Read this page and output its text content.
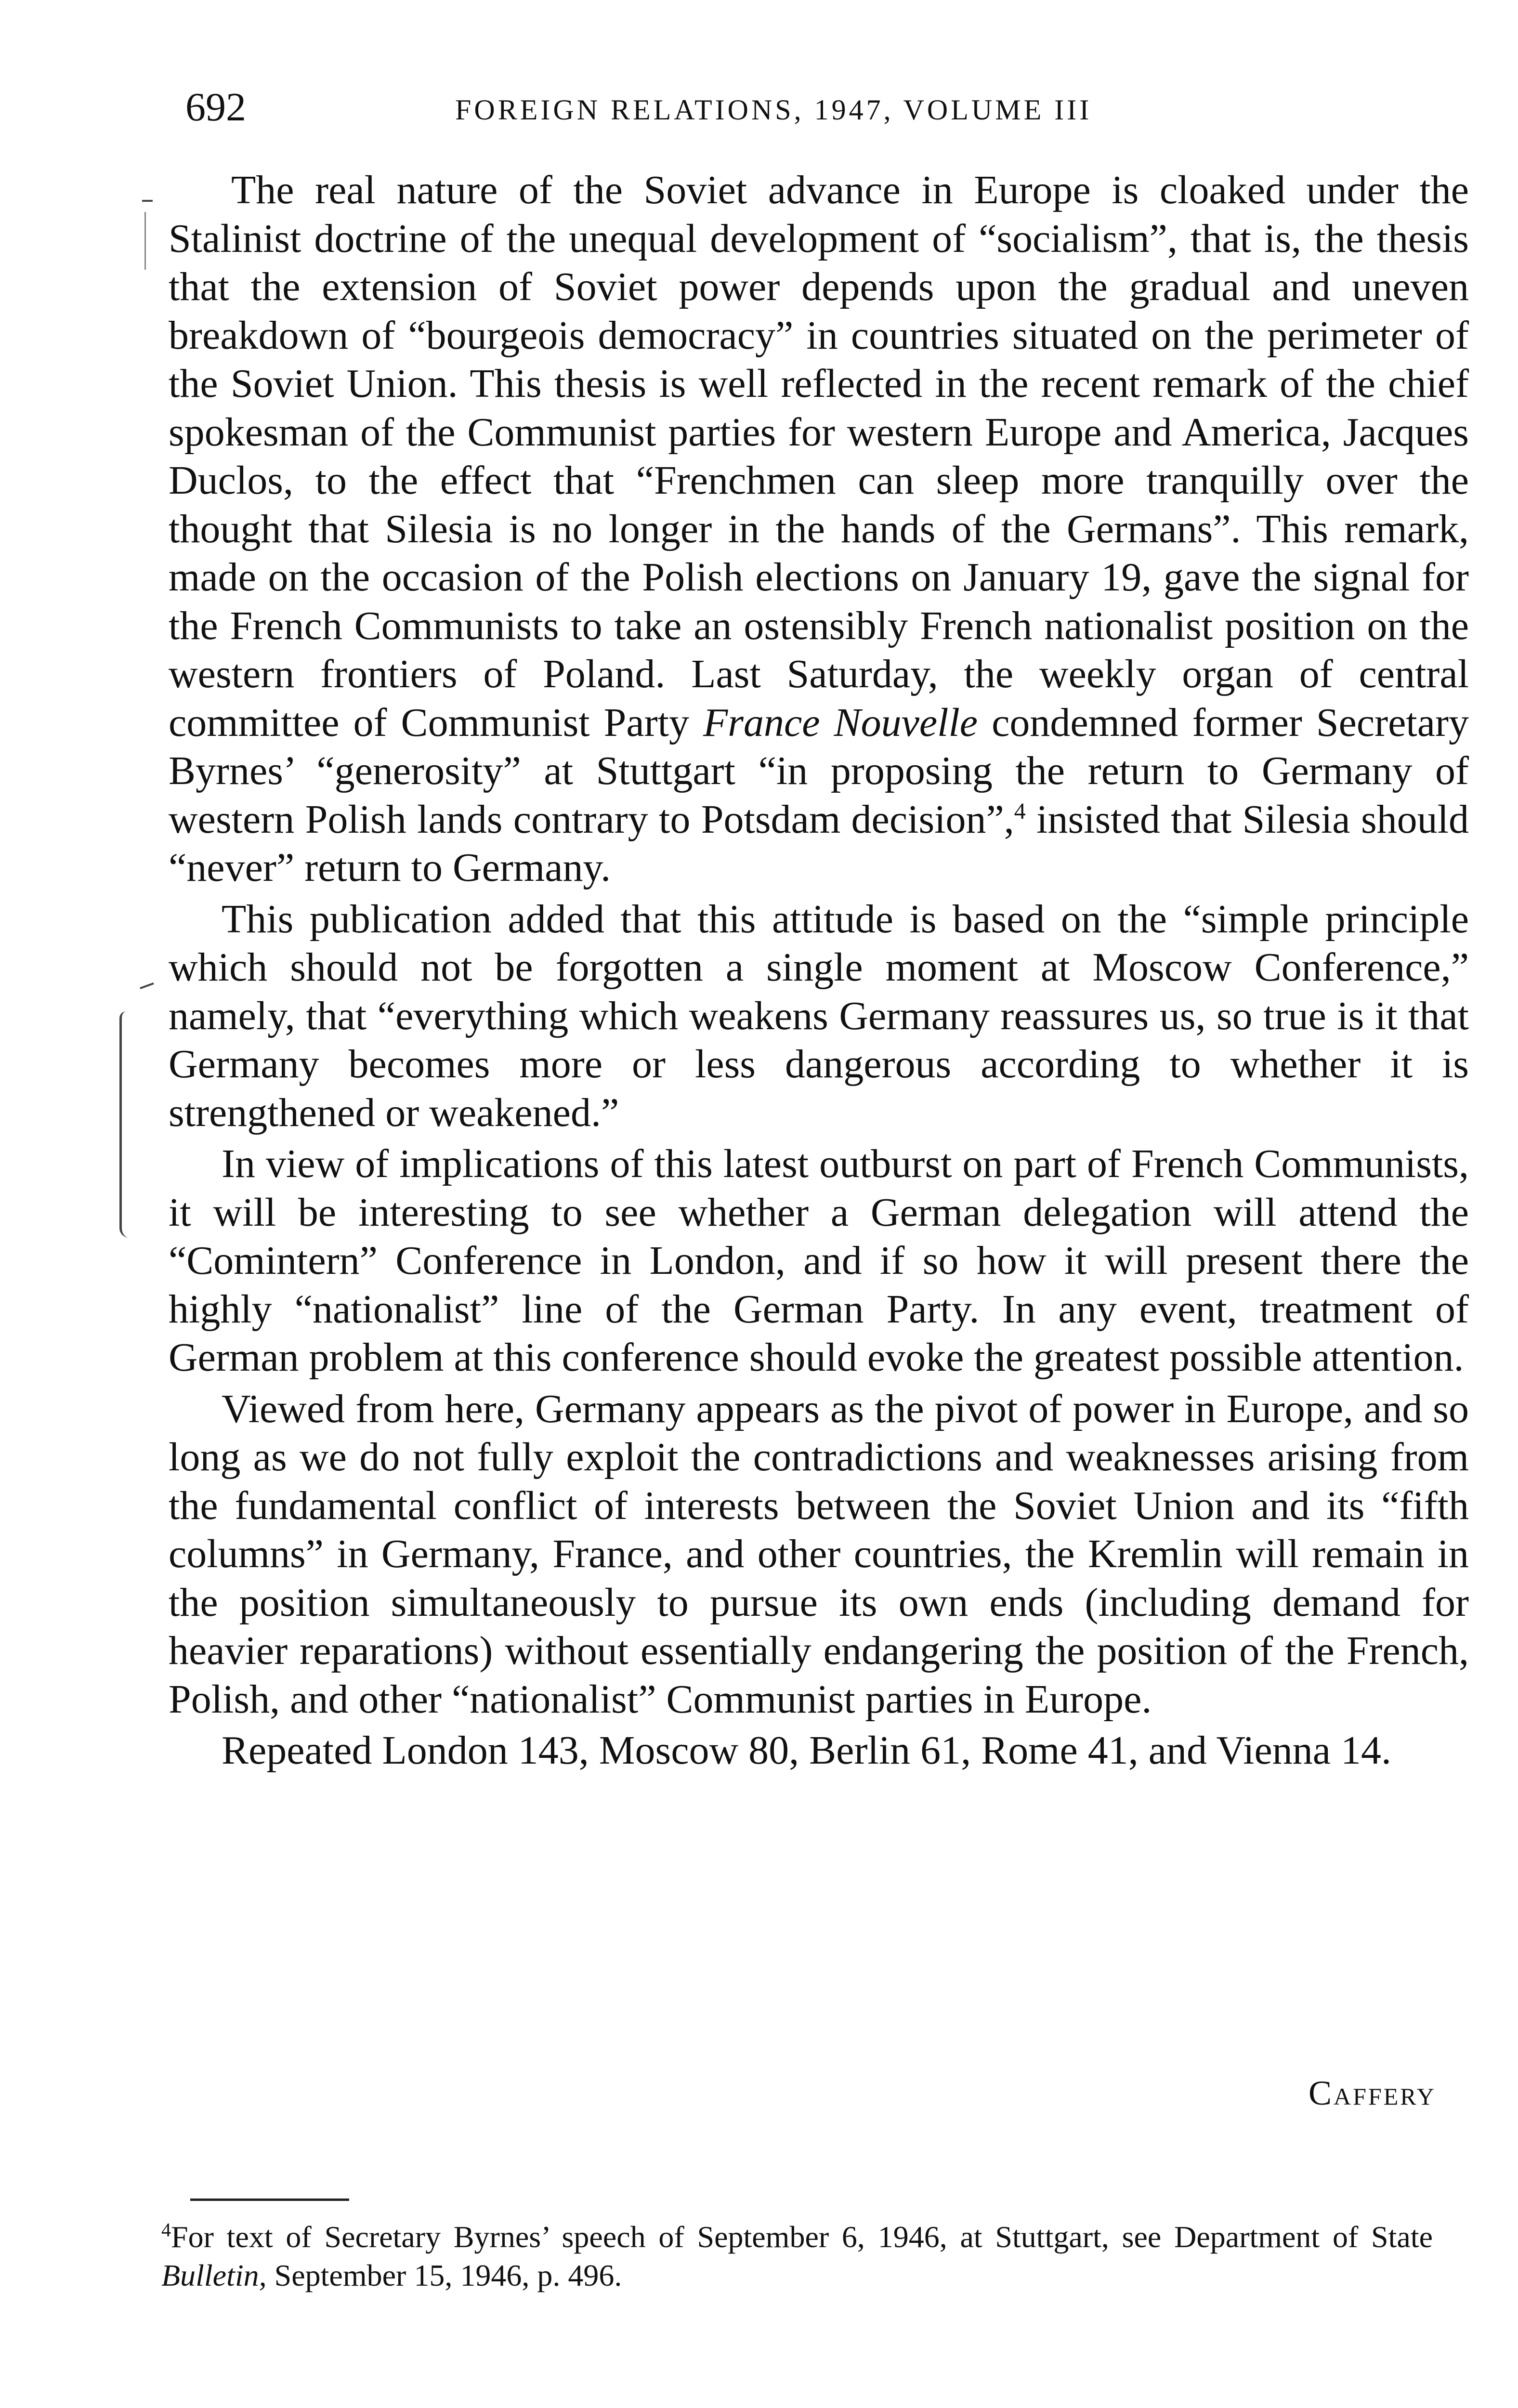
692	FOREIGN RELATIONS, 1947, VOLUME III

The real nature of the Soviet advance in Europe is cloaked under the Stalinist doctrine of the unequal development of “socialism”, that is, the thesis that the extension of Soviet power depends upon the gradual and uneven breakdown of “bourgeois democracy” in countries situated on the perimeter of the Soviet Union. This thesis is well reflected in the recent remark of the chief spokesman of the Communist parties for western Europe and America, Jacques Duclos, to the effect that “Frenchmen can sleep more tranquilly over the thought that Silesia is no longer in the hands of the Germans”. This remark, made on the occasion of the Polish elections on January 19, gave the signal for the French Communists to take an ostensibly French nationalist position on the western frontiers of Poland. Last Saturday, the weekly organ of central committee of Communist Party France Nouvelle condemned former Secretary Byrnes’ “generosity” at Stuttgart “in proposing the return to Germany of western Polish lands contrary to Potsdam decision”,$^4$ insisted that Silesia should “never” return to Germany.

This publication added that this attitude is based on the “simple principle which should not be forgotten a single moment at Moscow Conference,” namely, that “everything which weakens Germany reassures us, so true is it that Germany becomes more or less dangerous according to whether it is strengthened or weakened.”

In view of implications of this latest outburst on part of French Communists, it will be interesting to see whether a German delegation will attend the “Comintern” Conference in London, and if so how it will present there the highly “nationalist” line of the German Party. In any event, treatment of German problem at this conference should evoke the greatest possible attention.

Viewed from here, Germany appears as the pivot of power in Europe, and so long as we do not fully exploit the contradictions and weaknesses arising from the fundamental conflict of interests between the Soviet Union and its “fifth columns” in Germany, France, and other countries, the Kremlin will remain in the position simultaneously to pursue its own ends (including demand for heavier reparations) without essentially endangering the position of the French, Polish, and other “nationalist” Communist parties in Europe.

Repeated London 143, Moscow 80, Berlin 61, Rome 41, and Vienna 14.

Caffery
$^4$For text of Secretary Byrnes’ speech of September 6, 1946, at Stuttgart, see Department of State Bulletin, September 15, 1946, p. 496.
